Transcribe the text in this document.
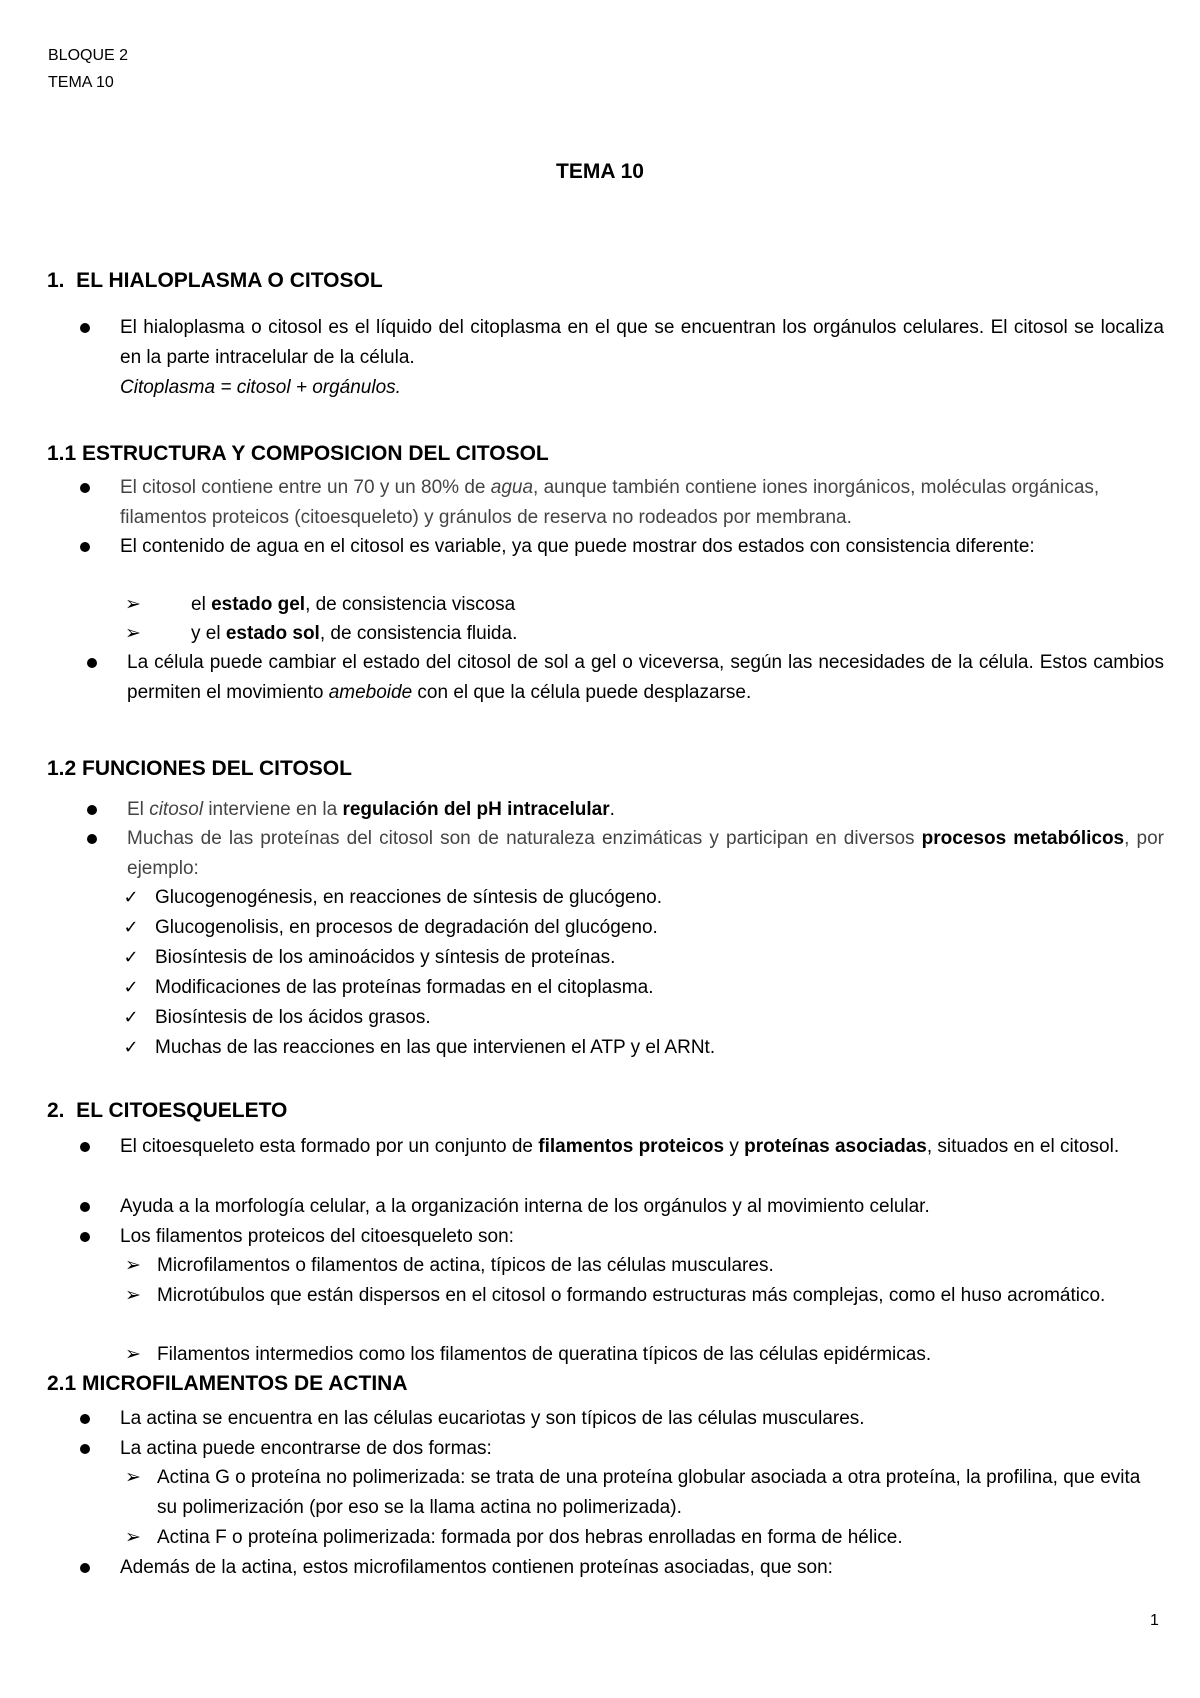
BLOQUE 2
TEMA 10
TEMA 10
1.  EL HIALOPLASMA O CITOSOL
El hialoplasma o citosol es el líquido del citoplasma en el que se encuentran los orgánulos celulares. El citosol se localiza en la parte intracelular de la célula.
Citoplasma = citosol + orgánulos.
1.1 ESTRUCTURA Y COMPOSICION DEL CITOSOL
El citosol contiene entre un 70 y un 80% de agua, aunque también contiene iones inorgánicos, moléculas orgánicas, filamentos proteicos (citoesqueleto) y gránulos de reserva no rodeados por membrana.
El contenido de agua en el citosol es variable, ya que puede mostrar dos estados con consistencia diferente:
➢	el estado gel, de consistencia viscosa
➢	y el estado sol, de consistencia fluida.
La célula puede cambiar el estado del citosol de sol a gel o viceversa, según las necesidades de la célula. Estos cambios permiten el movimiento ameboide con el que la célula puede desplazarse.
1.2 FUNCIONES DEL CITOSOL
El citosol interviene en la regulación del pH intracelular.
Muchas de las proteínas del citosol son de naturaleza enzimáticas y participan en diversos procesos metabólicos, por ejemplo:
✓ Glucogenogénesis, en reacciones de síntesis de glucógeno.
✓ Glucogenolisis, en procesos de degradación del glucógeno.
✓ Biosíntesis de los aminoácidos y síntesis de proteínas.
✓ Modificaciones de las proteínas formadas en el citoplasma.
✓ Biosíntesis de los ácidos grasos.
✓ Muchas de las reacciones en las que intervienen el ATP y el ARNt.
2.  EL CITOESQUELETO
El citoesqueleto esta formado por un conjunto de filamentos proteicos y proteínas asociadas, situados en el citosol.
Ayuda a la morfología celular, a la organización interna de los orgánulos y al movimiento celular.
Los filamentos proteicos del citoesqueleto son:
➢ Microfilamentos o filamentos de actina, típicos de las células musculares.
➢ Microtúbulos que están dispersos en el citosol o formando estructuras más complejas, como el huso acromático.
➢ Filamentos intermedios como los filamentos de queratina típicos de las células epidérmicas.
2.1 MICROFILAMENTOS DE ACTINA
La actina se encuentra en las células eucariotas y son típicos de las células musculares.
La actina puede encontrarse de dos formas:
➢ Actina G o proteína no polimerizada: se trata de una proteína globular asociada a otra proteína, la profilina, que evita su polimerización (por eso se la llama actina no polimerizada).
➢ Actina F o proteína polimerizada: formada por dos hebras enrolladas en forma de hélice.
Además de la actina, estos microfilamentos contienen proteínas asociadas, que son:
1
